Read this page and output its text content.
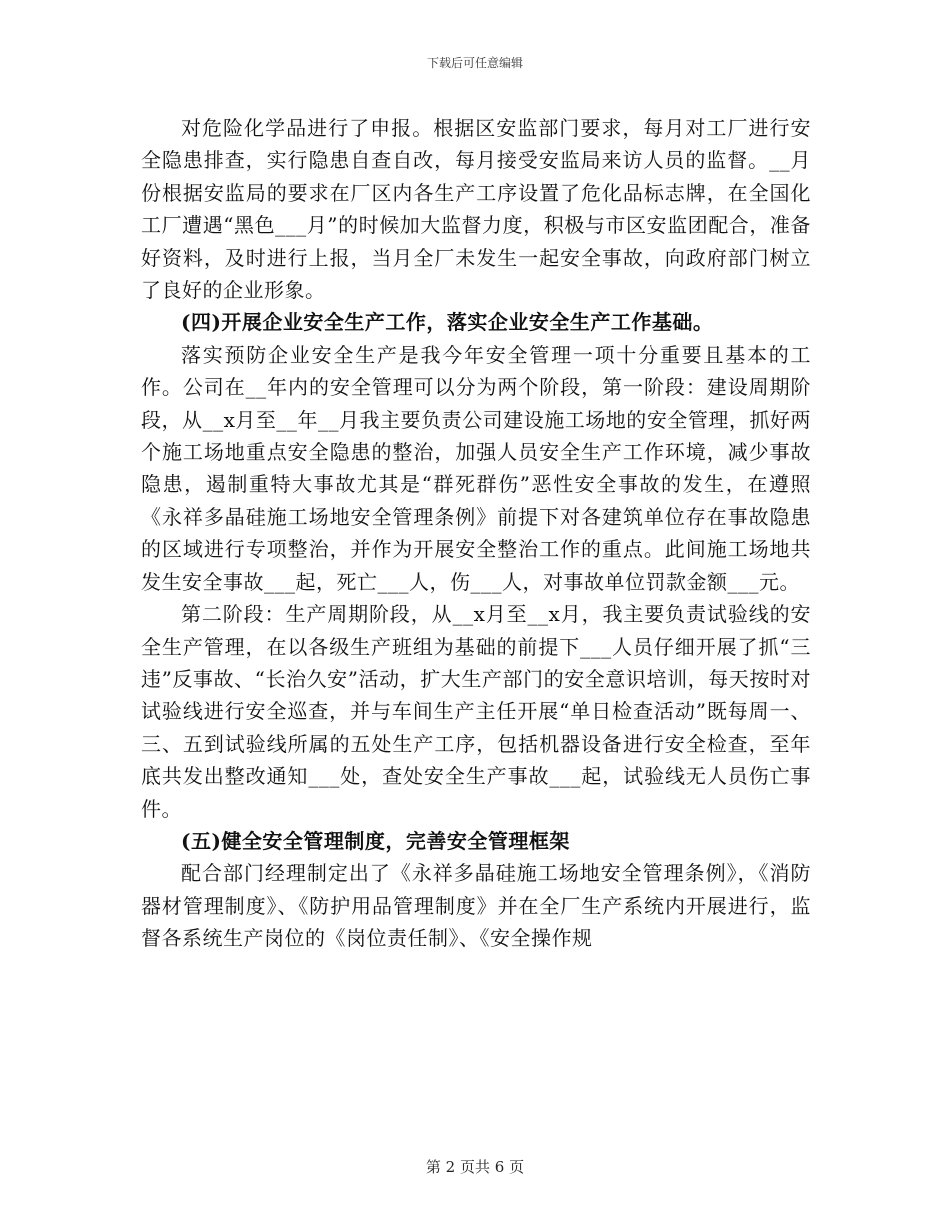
下载后可任意编辑

对危险化学品进行了申报。根据区安监部门要求，每月对工厂进行安全隐患排查，实行隐患自查自改，每月接受安监局来访人员的监督。__月份根据安监局的要求在厂区内各生产工序设置了危化品标志牌，在全国化工厂遭遇“黑色___月”的时候加大监督力度，积极与市区安监团配合，准备好资料，及时进行上报，当月全厂未发生一起安全事故，向政府部门树立了良好的企业形象。

(四)开展企业安全生产工作，落实企业安全生产工作基础。

落实预防企业安全生产是我今年安全管理一项十分重要且基本的工作。公司在__年内的安全管理可以分为两个阶段，第一阶段：建设周期阶段，从__x月至__年__月我主要负责公司建设施工场地的安全管理，抓好两个施工场地重点安全隐患的整治，加强人员安全生产工作环境，减少事故隐患，遏制重特大事故尤其是“群死群伤”恶性安全事故的发生，在遵照《永祥多晶硅施工场地安全管理条例》前提下对各建筑单位存在事故隐患的区域进行专项整治，并作为开展安全整治工作的重点。此间施工场地共发生安全事故___起，死亡___人，伤___人，对事故单位罚款金额___元。

第二阶段：生产周期阶段，从__x月至__x月，我主要负责试验线的安全生产管理，在以各级生产班组为基础的前提下___人员仔细开展了抓“三违”反事故、“长治久安”活动，扩大生产部门的安全意识培训，每天按时对试验线进行安全巡查，并与车间生产主任开展“单日检查活动”既每周一、三、五到试验线所属的五处生产工序，包括机器设备进行安全检查，至年底共发出整改通知___处，查处安全生产事故___起，试验线无人员伤亡事件。

(五)健全安全管理制度，完善安全管理框架

配合部门经理制定出了《永祥多晶硅施工场地安全管理条例》，《消防器材管理制度》、《防护用品管理制度》并在全厂生产系统内开展进行，监督各系统生产岗位的《岗位责任制》、《安全操作规

第 2 页共 6 页
